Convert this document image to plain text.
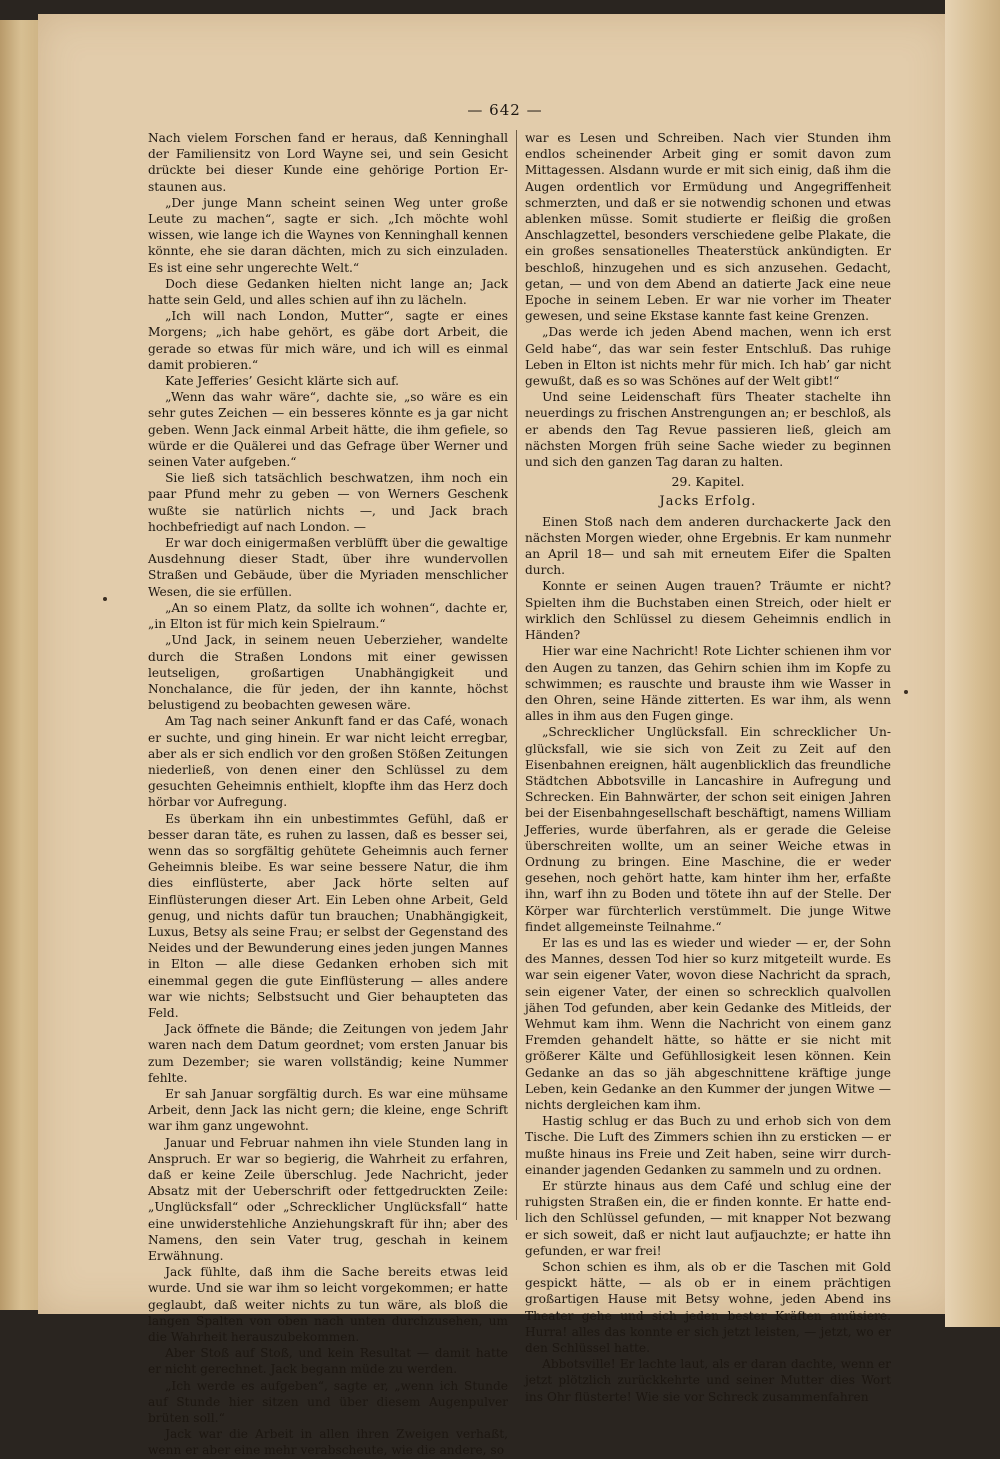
— 642 —

Nach vielem Forschen fand er heraus, daß Kenninghall der Familiensitz von Lord Wayne sei, und sein Gesicht drückte bei dieser Kunde eine gehörige Portion Erstaunen aus.

„Der junge Mann scheint seinen Weg unter große Leute zu machen“, sagte er sich. „Ich möchte wohl wissen, wie lange ich die Waynes von Kenninghall kennen könnte, ehe sie daran dächten, mich zu sich einzuladen. Es ist eine sehr ungerechte Welt.“

Doch diese Gedanken hielten nicht lange an; Jack hatte sein Geld, und alles schien auf ihn zu lächeln.

„Ich will nach London, Mutter“, sagte er eines Morgens; „ich habe gehört, es gäbe dort Arbeit, die gerade so etwas für mich wäre, und ich will es einmal damit probieren.“

Kate Jefferies’ Gesicht klärte sich auf.

„Wenn das wahr wäre“, dachte sie, „so wäre es ein sehr gutes Zeichen — ein besseres könnte es ja gar nicht geben. Wenn Jack einmal Arbeit hätte, die ihm gefiele, so würde er die Quälerei und das Gefrage über Werner und seinen Vater aufgeben.“

Sie ließ sich tatsächlich beschwatzen, ihm noch ein paar Pfund mehr zu geben — von Werners Geschenk wußte sie natürlich nichts —, und Jack brach hochbefriedigt auf nach London. —

Er war doch einigermaßen verblüfft über die gewaltige Ausdehnung dieser Stadt, über ihre wundervollen Straßen und Gebäude, über die Myriaden menschlicher Wesen, die sie erfüllen.

„An so einem Platz, da sollte ich wohnen“, dachte er, „in Elton ist für mich kein Spielraum.“

„Und Jack, in seinem neuen Ueberzieher, wandelte durch die Straßen Londons mit einer gewissen leutseligen, großartigen Unabhängigkeit und Nonchalance, die für jeden, der ihn kannte, höchst belustigend zu beobachten gewesen wäre.

Am Tag nach seiner Ankunft fand er das Café, wonach er suchte, und ging hinein. Er war nicht leicht erregbar, aber als er sich endlich vor den großen Stößen Zeitungen niederließ, von denen einer den Schlüssel zu dem gesuchten Geheimnis enthielt, klopfte ihm das Herz doch hörbar vor Aufregung.

Es überkam ihn ein unbestimmtes Gefühl, daß er besser daran täte, es ruhen zu lassen, daß es besser sei, wenn das so sorgfältig gehütete Geheimnis auch ferner Geheimnis bleibe. Es war seine bessere Natur, die ihm dies einflüsterte, aber Jack hörte selten auf Einflüsterungen dieser Art. Ein Leben ohne Arbeit, Geld genug, und nichts dafür tun brauchen; Unabhängigkeit, Luxus, Betsy als seine Frau; er selbst der Gegenstand des Neides und der Bewunderung eines jeden jungen Mannes in Elton — alle diese Gedanken erhoben sich mit einemmal gegen die gute Einflüsterung — alles andere war wie nichts; Selbstsucht und Gier behaupteten das Feld.

Jack öffnete die Bände; die Zeitungen von jedem Jahr waren nach dem Datum geordnet; vom ersten Januar bis zum Dezember; sie waren vollständig; keine Nummer fehlte.

Er sah Januar sorgfältig durch. Es war eine mühsame Arbeit, denn Jack las nicht gern; die kleine, enge Schrift war ihm ganz ungewohnt.

Januar und Februar nahmen ihn viele Stunden lang in Anspruch. Er war so begierig, die Wahrheit zu erfahren, daß er keine Zeile überschlug. Jede Nachricht, jeder Absatz mit der Ueberschrift oder fettgedruckten Zeile: „Unglücksfall“ oder „Schrecklicher Unglücksfall“ hatte eine unwiderstehliche Anziehungskraft für ihn; aber des Namens, den sein Vater trug, geschah in keinem Erwähnung.

Jack fühlte, daß ihm die Sache bereits etwas leid wurde. Und sie war ihm so leicht vorgekommen; er hatte geglaubt, daß weiter nichts zu tun wäre, als bloß die langen Spalten von oben nach unten durchzusehen, um die Wahrheit herauszubekommen.

Aber Stoß auf Stoß, und kein Resultat — damit hatte er nicht gerechnet. Jack begann müde zu werden.

„Ich werde es aufgeben“, sagte er, „wenn ich Stunde auf Stunde hier sitzen und über diesem Augenpulver brüten soll.“

Jack war die Arbeit in allen ihren Zweigen verhaßt, wenn er aber eine mehr verabscheute, wie die andere, so

war es Lesen und Schreiben. Nach vier Stunden ihm endlos scheinender Arbeit ging er somit davon zum Mittagessen. Alsdann wurde er mit sich einig, daß ihm die Augen ordentlich vor Ermüdung und Angegriffenheit schmerzten, und daß er sie notwendig schonen und etwas ablenken müsse. Somit studierte er fleißig die großen Anschlagzettel, besonders verschiedene gelbe Plakate, die ein großes sensationelles Theaterstück ankündigten. Er beschloß, hinzugehen und es sich anzusehen. Gedacht, getan, — und von dem Abend an datierte Jack eine neue Epoche in seinem Leben. Er war nie vorher im Theater gewesen, und seine Ekstase kannte fast keine Grenzen.

„Das werde ich jeden Abend machen, wenn ich erst Geld habe“, das war sein fester Entschluß. Das ruhige Leben in Elton ist nichts mehr für mich. Ich hab’ gar nicht gewußt, daß es so was Schönes auf der Welt gibt!“

Und seine Leidenschaft fürs Theater stachelte ihn neuerdings zu frischen Anstrengungen an; er beschloß, als er abends den Tag Revue passieren ließ, gleich am nächsten Morgen früh seine Sache wieder zu beginnen und sich den ganzen Tag daran zu halten.

29. Kapitel.
Jacks Erfolg.

Einen Stoß nach dem anderen durchackerte Jack den nächsten Morgen wieder, ohne Ergebnis. Er kam nunmehr an April 18— und sah mit erneutem Eifer die Spalten durch.

Konnte er seinen Augen trauen? Träumte er nicht? Spielten ihm die Buchstaben einen Streich, oder hielt er wirklich den Schlüssel zu diesem Geheimnis endlich in Händen?

Hier war eine Nachricht! Rote Lichter schienen ihm vor den Augen zu tanzen, das Gehirn schien ihm im Kopfe zu schwimmen; es rauschte und brauste ihm wie Wasser in den Ohren, seine Hände zitterten. Es war ihm, als wenn alles in ihm aus den Fugen ginge.

„Schrecklicher Unglücksfall. Ein schrecklicher Unglücksfall, wie sie sich von Zeit zu Zeit auf den Eisenbahnen ereignen, hält augenblicklich das freundliche Städtchen Abbotsville in Lancashire in Aufregung und Schrecken. Ein Bahnwärter, der schon seit einigen Jahren bei der Eisenbahngesellschaft beschäftigt, namens William Jefferies, wurde überfahren, als er gerade die Geleise überschreiten wollte, um an seiner Weiche etwas in Ordnung zu bringen. Eine Maschine, die er weder gesehen, noch gehört hatte, kam hinter ihm her, erfaßte ihn, warf ihn zu Boden und tötete ihn auf der Stelle. Der Körper war fürchterlich verstümmelt. Die junge Witwe findet allgemeinste Teilnahme.“

Er las es und las es wieder und wieder — er, der Sohn des Mannes, dessen Tod hier so kurz mitgeteilt wurde. Es war sein eigener Vater, wovon diese Nachricht da sprach, sein eigener Vater, der einen so schrecklich qualvollen jähen Tod gefunden, aber kein Gedanke des Mitleids, der Wehmut kam ihm. Wenn die Nachricht von einem ganz Fremden gehandelt hätte, so hätte er sie nicht mit größerer Kälte und Gefühllosigkeit lesen können. Kein Gedanke an das so jäh abgeschnittene kräftige junge Leben, kein Gedanke an den Kummer der jungen Witwe — nichts dergleichen kam ihm.

Hastig schlug er das Buch zu und erhob sich von dem Tische. Die Luft des Zimmers schien ihn zu ersticken — er mußte hinaus ins Freie und Zeit haben, seine wirr durcheinander jagenden Gedanken zu sammeln und zu ordnen.

Er stürzte hinaus aus dem Café und schlug eine der ruhigsten Straßen ein, die er finden konnte. Er hatte endlich den Schlüssel gefunden, — mit knapper Not bezwang er sich soweit, daß er nicht laut aufjauchzte; er hatte ihn gefunden, er war frei!

Schon schien es ihm, als ob er die Taschen mit Gold gespickt hätte, — als ob er in einem prächtigen großartigen Hause mit Betsy wohne, jeden Abend ins Theater gehe und sich jeden bester Kräften amüsiere. Hurra! alles das konnte er sich jetzt leisten, — jetzt, wo er den Schlüssel hatte.

Abbotsville! Er lachte laut, als er daran dachte, wenn er jetzt plötzlich zurückkehrte und seiner Mutter dies Wort ins Ohr flüsterte! Wie sie vor Schreck zusammenfahren
